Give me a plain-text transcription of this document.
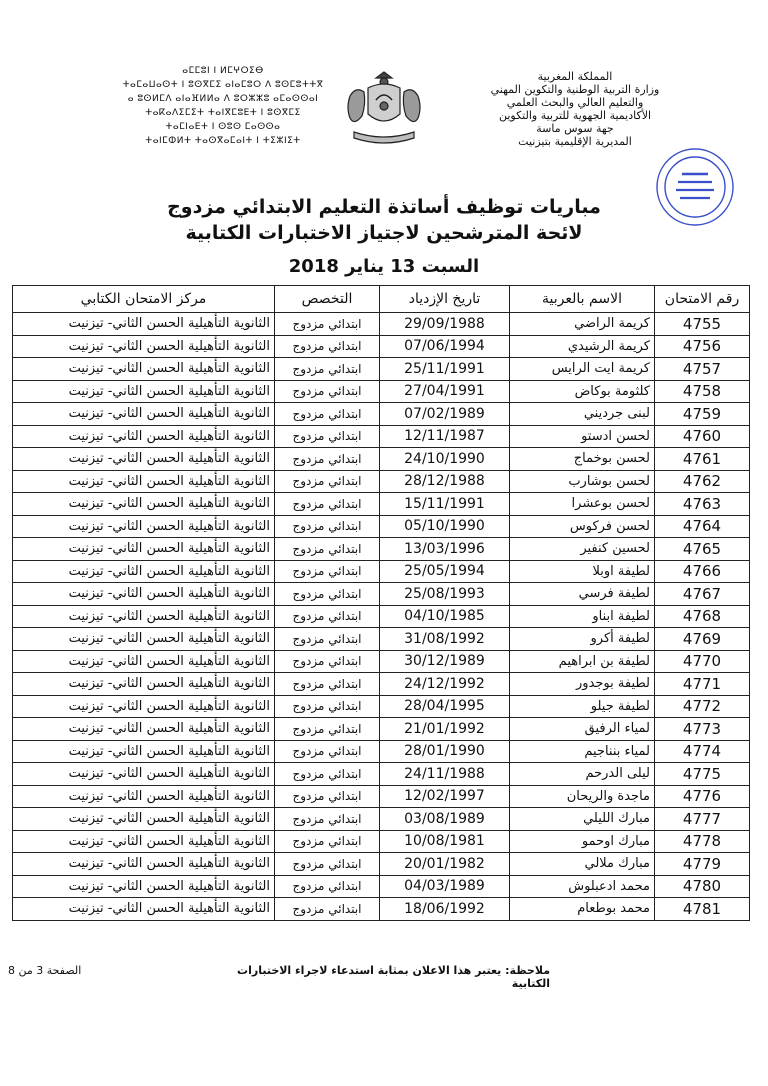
ⴰⵎⵎⵓⵏ ⵏ ⵍⵎⵖⵔⵉⴱ
ⵜⴰⵎⴰⵡⴰⵙⵜ ⵏ ⵓⵙⴳⵎⵉ ⴰⵏⴰⵎⵓⵔ ⴷ ⵓⵙⵎⵓⵜⵜⴳ
ⴰ ⵓⵙⵍⵎⴷ ⴰⵏⴰⴼⵍⵍⴰ ⴷ ⵓⵔⵣⵣⵓ ⴰⵎⴰⵙⵙⴰⵏ
ⵜⴰⴽⴰⴷⵉⵎⵉⵜ ⵜⴰⵏⴳⵎⵓⴹⵜ ⵏ ⵓⵙⴳⵎⵉ
ⵜⴰⵎⵏⴰⴹⵜ ⵏ ⵙⵓⵙ ⵎⴰⵙⵙⴰ
ⵜⴰⵏⵎⵀⵍⵜ ⵜⴰⵙⴳⴰⵎⴰⵏⵜ ⵏ ⵜⵉⵣⵏⵉⵜ
المملكة المغربية
وزارة التربية الوطنية والتكوين المهني
والتعليم العالي والبحث العلمي
الأكاديمية الجهوية للتربية والتكوين
جهة سوس ماسة
المديرية الإقليمية بتيزنيت
مباريات توظيف أساتذة التعليم الابتدائي مزدوج
لائحة المترشحين لاجتياز الاختبارات الكتابية
السبت 13 يناير 2018
رقم الامتحان	الاسم بالعربية	تاريخ الإزدياد	التخصص	مركز الامتحان الكتابي
4755	كريمة الراضي	29/09/1988	ابتدائي مزدوج	الثانوية التأهيلية الحسن الثاني- تيزنيت
4756	كريمة الرشيدي	07/06/1994	ابتدائي مزدوج	الثانوية التأهيلية الحسن الثاني- تيزنيت
4757	كريمة ايت الرايس	25/11/1991	ابتدائي مزدوج	الثانوية التأهيلية الحسن الثاني- تيزنيت
4758	كلثومة بوكاض	27/04/1991	ابتدائي مزدوج	الثانوية التأهيلية الحسن الثاني- تيزنيت
4759	لبنى جرديني	07/02/1989	ابتدائي مزدوج	الثانوية التأهيلية الحسن الثاني- تيزنيت
4760	لحسن ادستو	12/11/1987	ابتدائي مزدوج	الثانوية التأهيلية الحسن الثاني- تيزنيت
4761	لحسن بوخماج	24/10/1990	ابتدائي مزدوج	الثانوية التأهيلية الحسن الثاني- تيزنيت
4762	لحسن بوشارب	28/12/1988	ابتدائي مزدوج	الثانوية التأهيلية الحسن الثاني- تيزنيت
4763	لحسن بوعشرا	15/11/1991	ابتدائي مزدوج	الثانوية التأهيلية الحسن الثاني- تيزنيت
4764	لحسن فركوس	05/10/1990	ابتدائي مزدوج	الثانوية التأهيلية الحسن الثاني- تيزنيت
4765	لحسين كنفير	13/03/1996	ابتدائي مزدوج	الثانوية التأهيلية الحسن الثاني- تيزنيت
4766	لطيفة اوبلا	25/05/1994	ابتدائي مزدوج	الثانوية التأهيلية الحسن الثاني- تيزنيت
4767	لطيفة فرسي	25/08/1993	ابتدائي مزدوج	الثانوية التأهيلية الحسن الثاني- تيزنيت
4768	لطيفة ابناو	04/10/1985	ابتدائي مزدوج	الثانوية التأهيلية الحسن الثاني- تيزنيت
4769	لطيفة أكرو	31/08/1992	ابتدائي مزدوج	الثانوية التأهيلية الحسن الثاني- تيزنيت
4770	لطيفة بن ابراهيم	30/12/1989	ابتدائي مزدوج	الثانوية التأهيلية الحسن الثاني- تيزنيت
4771	لطيفة بوجدور	24/12/1992	ابتدائي مزدوج	الثانوية التأهيلية الحسن الثاني- تيزنيت
4772	لطيفة جيلو	28/04/1995	ابتدائي مزدوج	الثانوية التأهيلية الحسن الثاني- تيزنيت
4773	لمياء الرفيق	21/01/1992	ابتدائي مزدوج	الثانوية التأهيلية الحسن الثاني- تيزنيت
4774	لمياء بنناجيم	28/01/1990	ابتدائي مزدوج	الثانوية التأهيلية الحسن الثاني- تيزنيت
4775	ليلى الدرحم	24/11/1988	ابتدائي مزدوج	الثانوية التأهيلية الحسن الثاني- تيزنيت
4776	ماجدة والريحان	12/02/1997	ابتدائي مزدوج	الثانوية التأهيلية الحسن الثاني- تيزنيت
4777	مبارك الليلي	03/08/1989	ابتدائي مزدوج	الثانوية التأهيلية الحسن الثاني- تيزنيت
4778	مبارك اوحمو	10/08/1981	ابتدائي مزدوج	الثانوية التأهيلية الحسن الثاني- تيزنيت
4779	مبارك ملالي	20/01/1982	ابتدائي مزدوج	الثانوية التأهيلية الحسن الثاني- تيزنيت
4780	محمد ادعبلوش	04/03/1989	ابتدائي مزدوج	الثانوية التأهيلية الحسن الثاني- تيزنيت
4781	محمد بوطعام	18/06/1992	ابتدائي مزدوج	الثانوية التأهيلية الحسن الثاني- تيزنيت
ملاحظة: يعتبر هذا الاعلان بمثابة استدعاء لاجراء الاختبارات الكتابية
الصفحة 3 من 8
